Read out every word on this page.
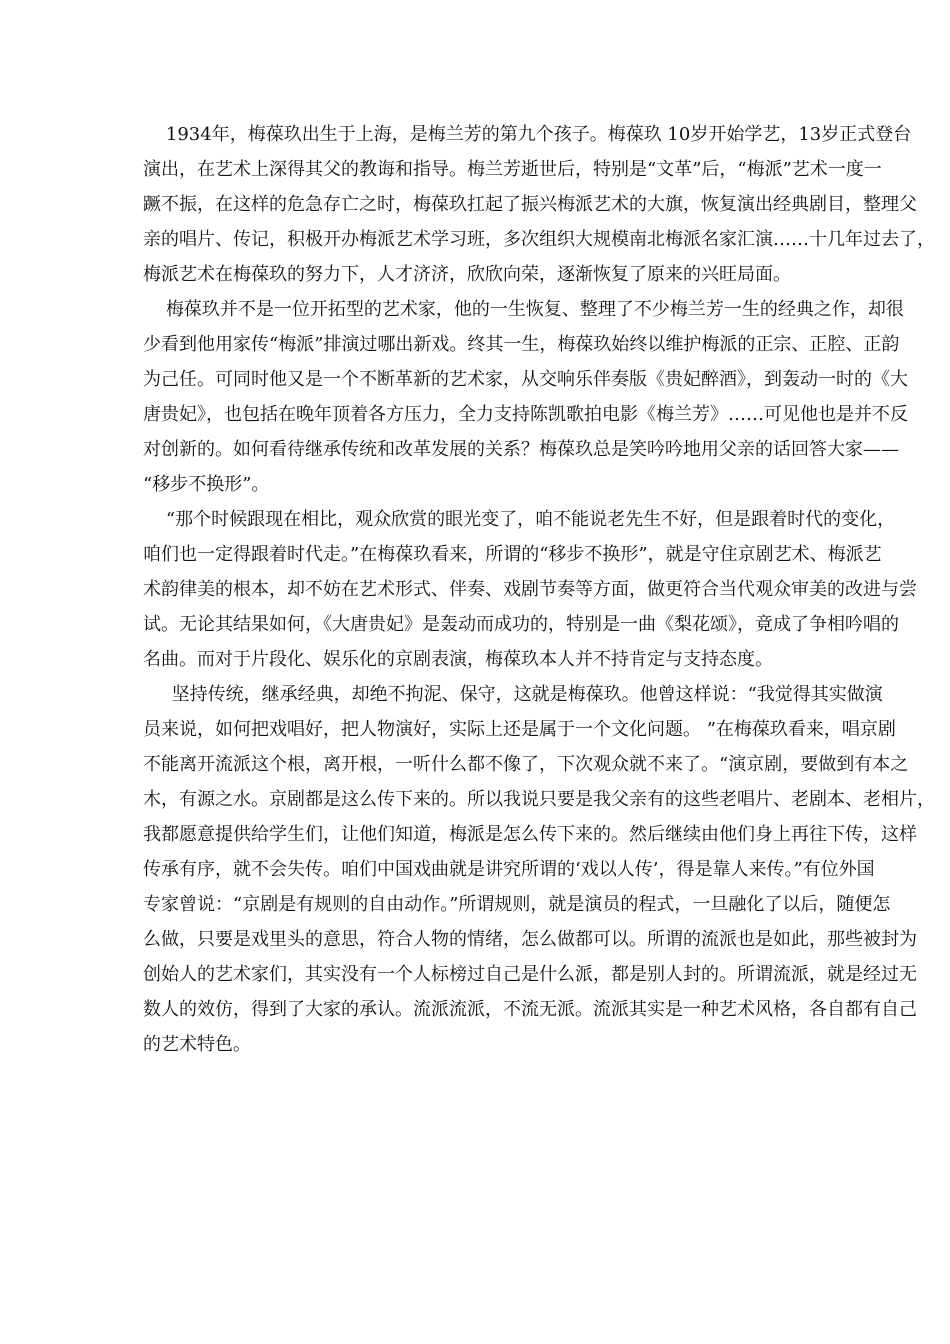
1934年，梅葆玖出生于上海，是梅兰芳的第九个孩子。梅葆玖 10岁开始学艺，13岁正式登台
演出，在艺术上深得其父的教诲和指导。梅兰芳逝世后，特别是“文革”后，“梅派”艺术一度一
蹶不振，在这样的危急存亡之时，梅葆玖扛起了振兴梅派艺术的大旗，恢复演出经典剧目，整理父
亲的唱片、传记，积极开办梅派艺术学习班，多次组织大规模南北梅派名家汇演……十几年过去了，
梅派艺术在梅葆玖的努力下，人才济济，欣欣向荣，逐渐恢复了原来的兴旺局面。
梅葆玖并不是一位开拓型的艺术家，他的一生恢复、整理了不少梅兰芳一生的经典之作，却很
少看到他用家传“梅派”排演过哪出新戏。终其一生，梅葆玖始终以维护梅派的正宗、正腔、正韵
为己任。可同时他又是一个不断革新的艺术家，从交响乐伴奏版《贵妃醉酒》，到轰动一时的《大
唐贵妃》，也包括在晚年顶着各方压力，全力支持陈凯歌拍电影《梅兰芳》……可见他也是并不反
对创新的。如何看待继承传统和改革发展的关系？梅葆玖总是笑吟吟地用父亲的话回答大家——
“移步不换形”。
“那个时候跟现在相比，观众欣赏的眼光变了，咱不能说老先生不好，但是跟着时代的变化，
咱们也一定得跟着时代走。”在梅葆玖看来，所谓的“移步不换形”，就是守住京剧艺术、梅派艺
术韵律美的根本，却不妨在艺术形式、伴奏、戏剧节奏等方面，做更符合当代观众审美的改进与尝
试。无论其结果如何，《大唐贵妃》是轰动而成功的，特别是一曲《梨花颂》，竟成了争相吟唱的
名曲。而对于片段化、娱乐化的京剧表演，梅葆玖本人并不持肯定与支持态度。
坚持传统，继承经典，却绝不拘泥、保守，这就是梅葆玖。他曾这样说：“我觉得其实做演
员来说，如何把戏唱好，把人物演好，实际上还是属于一个文化问题。 ”在梅葆玖看来，唱京剧
不能离开流派这个根，离开根，一听什么都不像了，下次观众就不来了。“演京剧，要做到有本之
木，有源之水。京剧都是这么传下来的。所以我说只要是我父亲有的这些老唱片、老剧本、老相片，
我都愿意提供给学生们，让他们知道，梅派是怎么传下来的。然后继续由他们身上再往下传，这样
传承有序，就不会失传。咱们中国戏曲就是讲究所谓的‘戏以人传’，得是靠人来传。”有位外国
专家曾说：“京剧是有规则的自由动作。”所谓规则，就是演员的程式，一旦融化了以后，随便怎
么做，只要是戏里头的意思，符合人物的情绪，怎么做都可以。所谓的流派也是如此，那些被封为
创始人的艺术家们，其实没有一个人标榜过自己是什么派，都是别人封的。所谓流派，就是经过无
数人的效仿，得到了大家的承认。流派流派，不流无派。流派其实是一种艺术风格，各自都有自己
的艺术特色。
